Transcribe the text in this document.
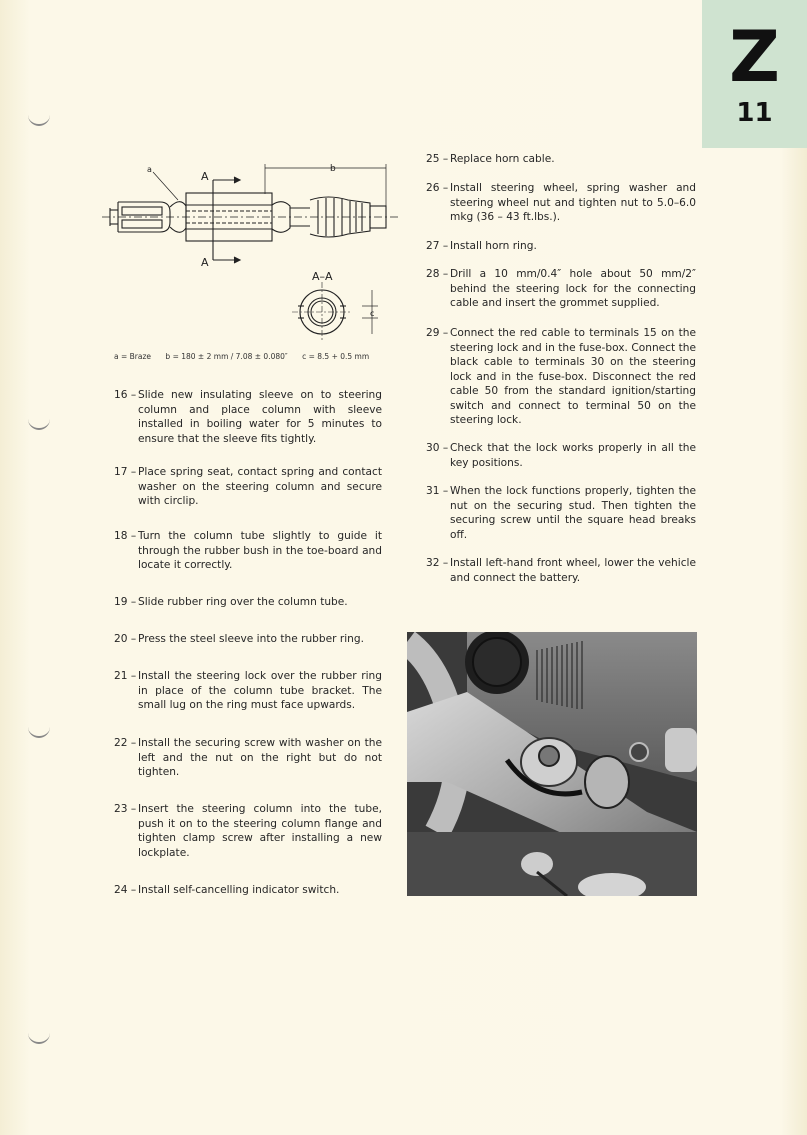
Z
11
a	b
A
A
A–A
c
a = Braze b = 180 ± 2 mm / 7.08 ± 0.080″ c = 8.5 + 0.5 mm
16 – Slide new insulating sleeve on to steering column and place column with sleeve installed in boiling water for 5 minutes to ensure that the sleeve fits tightly.
17 – Place spring seat, contact spring and contact washer on the steering column and secure with circlip.
18 – Turn the column tube slightly to guide it through the rubber bush in the toe-board and locate it correctly.
19 – Slide rubber ring over the column tube.
20 – Press the steel sleeve into the rubber ring.
21 – Install the steering lock over the rubber ring in place of the column tube bracket. The small lug on the ring must face upwards.
22 – Install the securing screw with washer on the left and the nut on the right but do not tighten.
23 – Insert the steering column into the tube, push it on to the steering column flange and tighten clamp screw after installing a new lockplate.
24 – Install self-cancelling indicator switch.
25 – Replace horn cable.
26 – Install steering wheel, spring washer and steering wheel nut and tighten nut to 5.0–6.0 mkg (36 – 43 ft.lbs.).
27 – Install horn ring.
28 – Drill a 10 mm/0.4″ hole about 50 mm/2″ behind the steering lock for the connecting cable and insert the grommet supplied.
29 – Connect the red cable to terminals 15 on the steering lock and in the fuse-box. Connect the black cable to terminals 30 on the steering lock and in the fuse-box. Disconnect the red cable 50 from the standard ignition/starting switch and connect to terminal 50 on the steering lock.
30 – Check that the lock works properly in all the key positions.
31 – When the lock functions properly, tighten the nut on the securing stud. Then tighten the securing screw until the square head breaks off.
32 – Install left-hand front wheel, lower the vehicle and connect the battery.
